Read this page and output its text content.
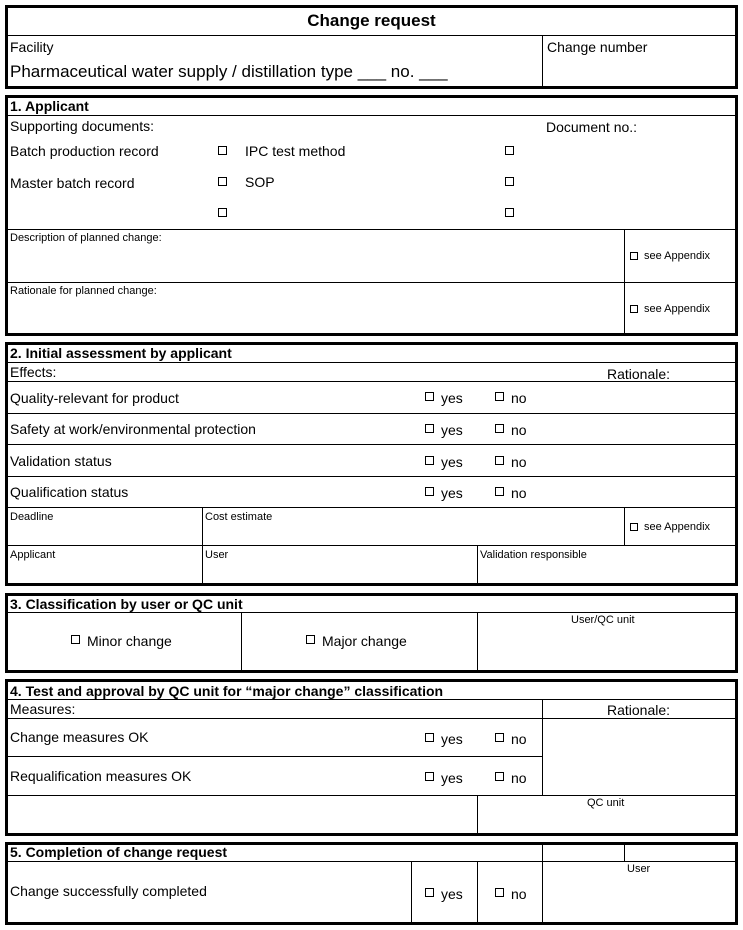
Change request
Facility
Pharmaceutical water supply / distillation type ___ no. ___
Change number
1. Applicant
Supporting documents:	Document no.:
Batch production record	IPC test method
Master batch record	SOP
Description of planned change:
see Appendix
Rationale for planned change:
see Appendix
2. Initial assessment by applicant
Effects:	Rationale:
Quality-relevant for product	yes	no
Safety at work/environmental protection	yes	no
Validation status	yes	no
Qualification status	yes	no
Deadline	Cost estimate
see Appendix
Applicant	User	Validation responsible
3. Classification by user or QC unit
Minor change	Major change
User/QC unit
4. Test and approval by QC unit for “major change” classification
Measures:	Rationale:
Change measures OK	yes	no
Requalification measures OK	yes	no
QC unit
5. Completion of change request
Change successfully completed	yes	no
User
